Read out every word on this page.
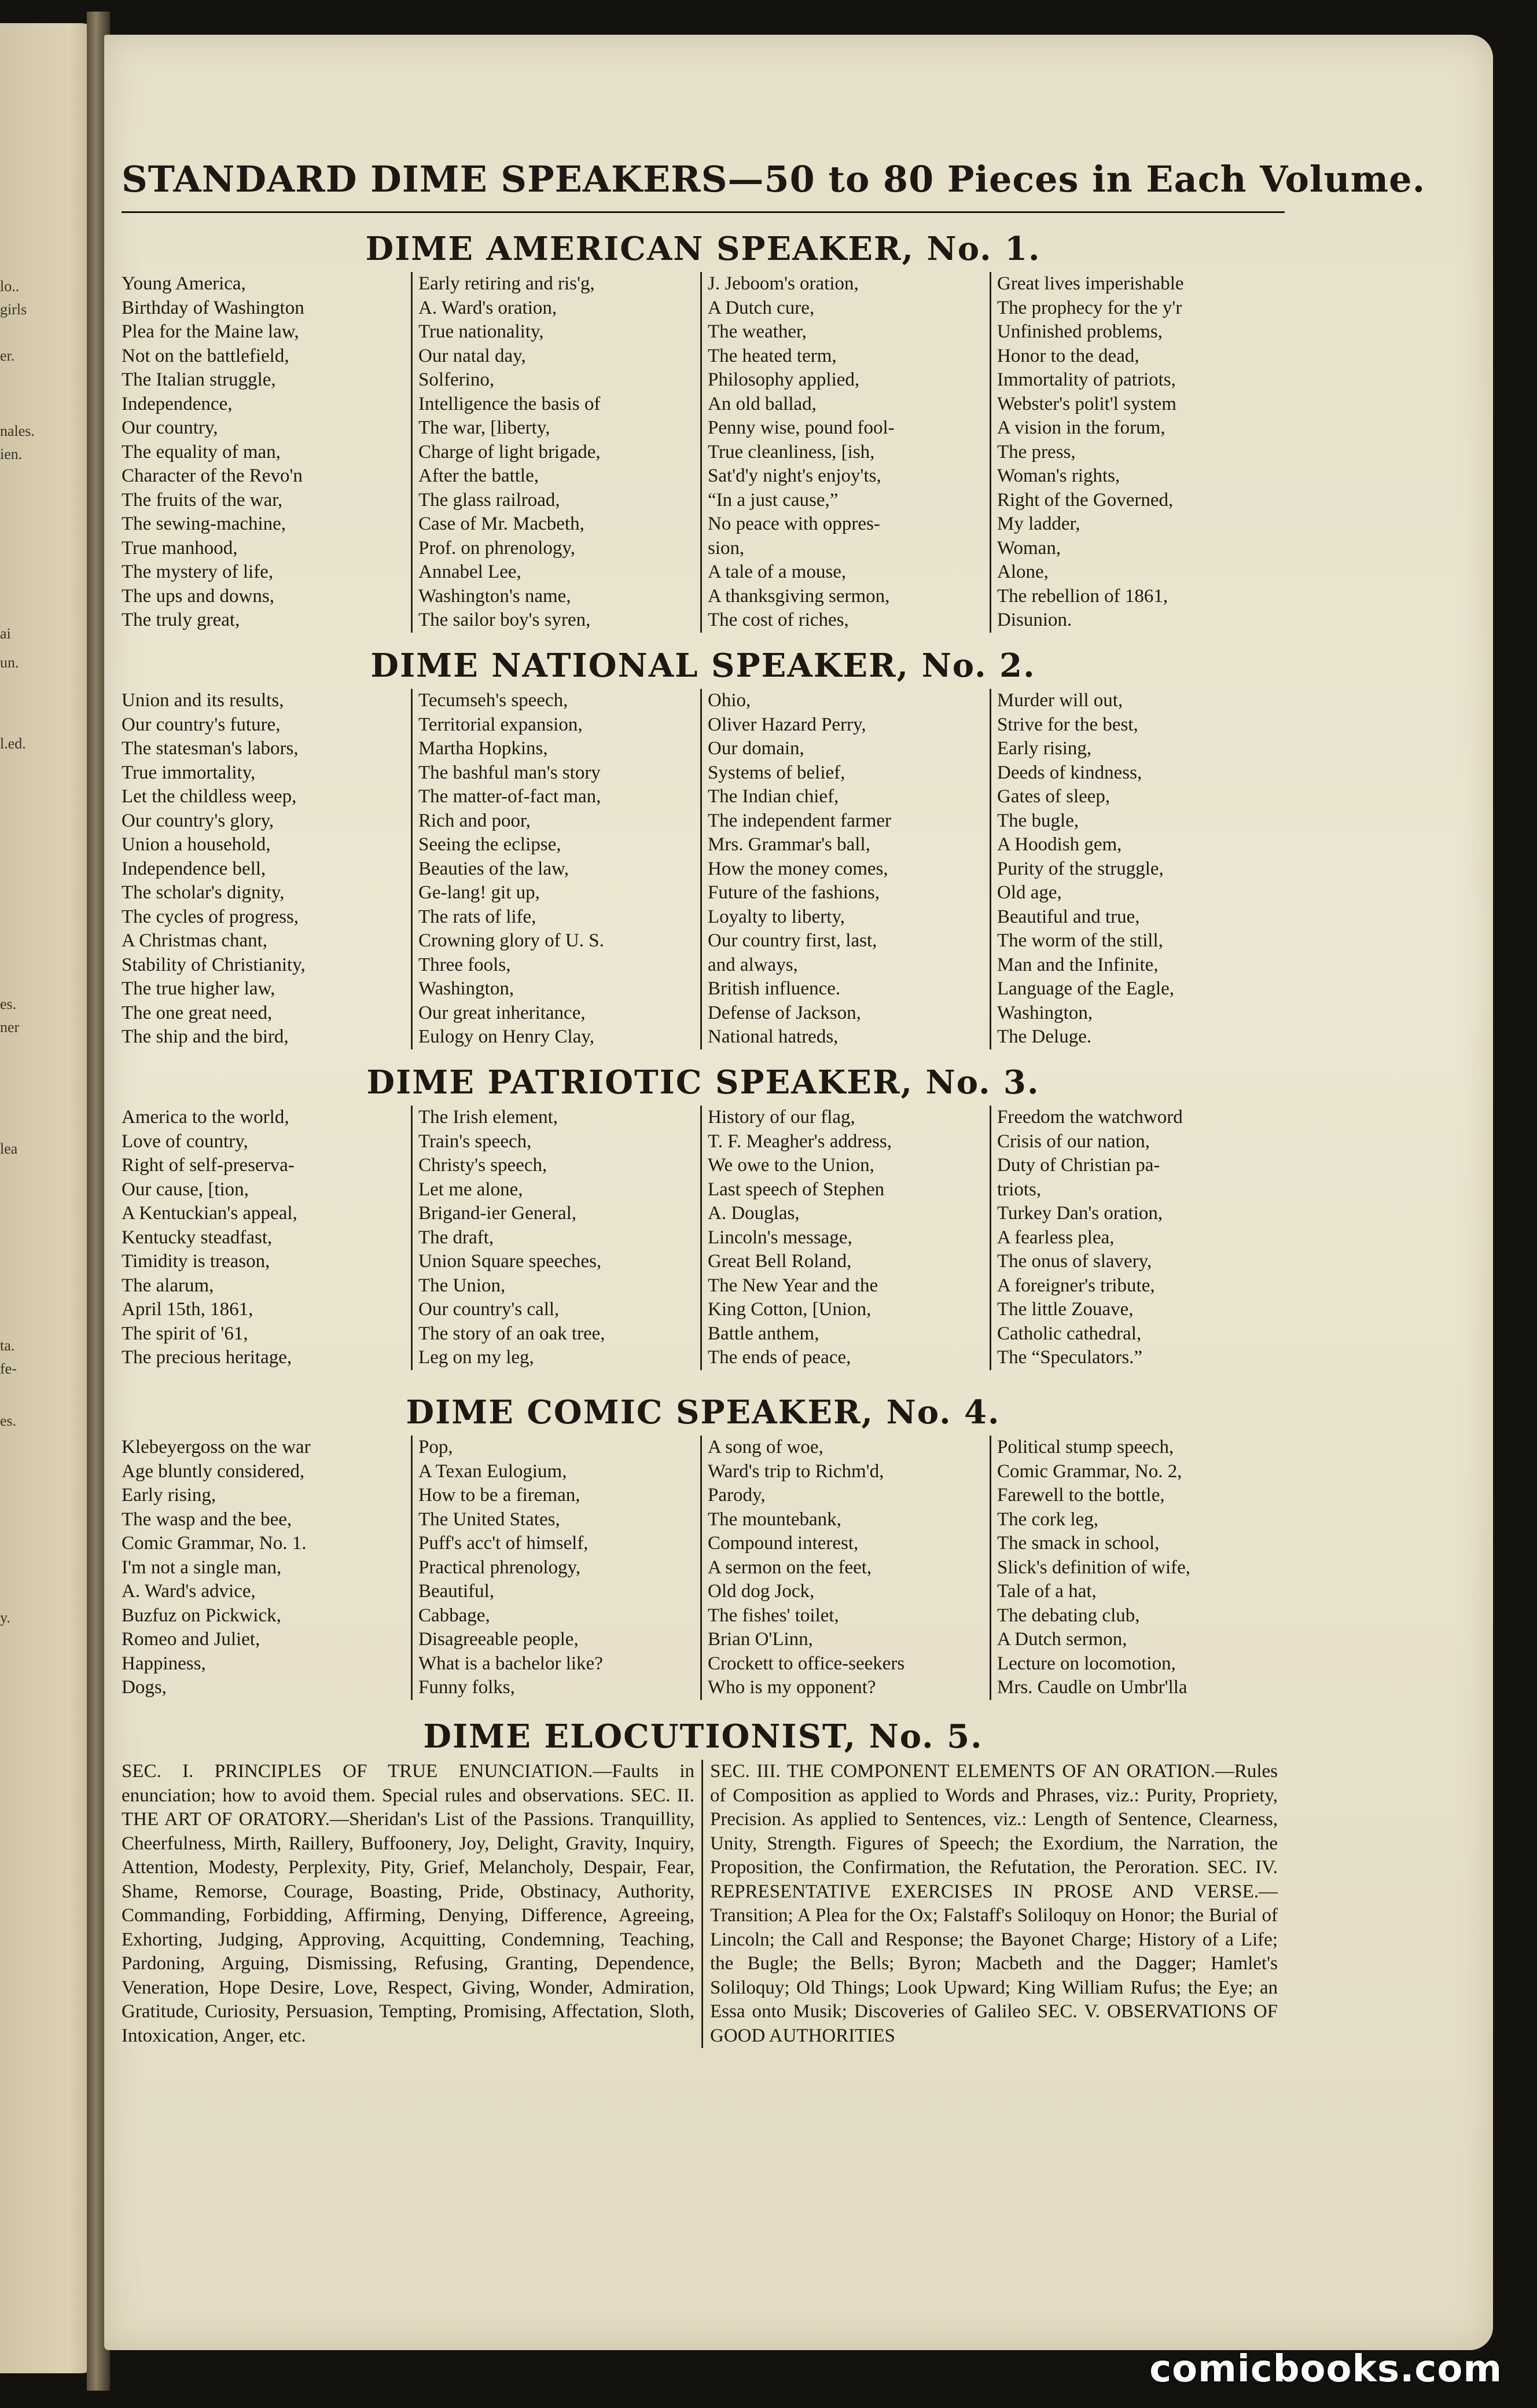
lo..
girls
er.
nales.
ien.
ai
un.
l.ed.
es.
ner
lea
ta.
fe-
es.
y.
STANDARD DIME SPEAKERS—50 to 80 Pieces in Each Volume.
DIME AMERICAN SPEAKER, No. 1.
Young America,
Birthday of Washington
Plea for the Maine law,
Not on the battlefield,
The Italian struggle,
Independence,
Our country,
The equality of man,
Character of the Revo'n
The fruits of the war,
The sewing-machine,
True manhood,
The mystery of life,
The ups and downs,
The truly great,
Early retiring and ris'g,
A. Ward's oration,
True nationality,
Our natal day,
Solferino,
Intelligence the basis of
The war, [liberty,
Charge of light brigade,
After the battle,
The glass railroad,
Case of Mr. Macbeth,
Prof. on phrenology,
Annabel Lee,
Washington's name,
The sailor boy's syren,
J. Jeboom's oration,
A Dutch cure,
The weather,
The heated term,
Philosophy applied,
An old ballad,
Penny wise, pound fool-
True cleanliness, [ish,
Sat'd'y night's enjoy'ts,
“In a just cause,”
No peace with oppres-
sion,
A tale of a mouse,
A thanksgiving sermon,
The cost of riches,
Great lives imperishable
The prophecy for the y'r
Unfinished problems,
Honor to the dead,
Immortality of patriots,
Webster's polit'l system
A vision in the forum,
The press,
Woman's rights,
Right of the Governed,
My ladder,
Woman,
Alone,
The rebellion of 1861,
Disunion.
DIME NATIONAL SPEAKER, No. 2.
Union and its results,
Our country's future,
The statesman's labors,
True immortality,
Let the childless weep,
Our country's glory,
Union a household,
Independence bell,
The scholar's dignity,
The cycles of progress,
A Christmas chant,
Stability of Christianity,
The true higher law,
The one great need,
The ship and the bird,
Tecumseh's speech,
Territorial expansion,
Martha Hopkins,
The bashful man's story
The matter-of-fact man,
Rich and poor,
Seeing the eclipse,
Beauties of the law,
Ge-lang! git up,
The rats of life,
Crowning glory of U. S.
Three fools,
Washington,
Our great inheritance,
Eulogy on Henry Clay,
Ohio,
Oliver Hazard Perry,
Our domain,
Systems of belief,
The Indian chief,
The independent farmer
Mrs. Grammar's ball,
How the money comes,
Future of the fashions,
Loyalty to liberty,
Our country first, last,
and always,
British influence.
Defense of Jackson,
National hatreds,
Murder will out,
Strive for the best,
Early rising,
Deeds of kindness,
Gates of sleep,
The bugle,
A Hoodish gem,
Purity of the struggle,
Old age,
Beautiful and true,
The worm of the still,
Man and the Infinite,
Language of the Eagle,
Washington,
The Deluge.
DIME PATRIOTIC SPEAKER, No. 3.
America to the world,
Love of country,
Right of self-preserva-
Our cause, [tion,
A Kentuckian's appeal,
Kentucky steadfast,
Timidity is treason,
The alarum,
April 15th, 1861,
The spirit of '61,
The precious heritage,
The Irish element,
Train's speech,
Christy's speech,
Let me alone,
Brigand-ier General,
The draft,
Union Square speeches,
The Union,
Our country's call,
The story of an oak tree,
Leg on my leg,
History of our flag,
T. F. Meagher's address,
We owe to the Union,
Last speech of Stephen
A. Douglas,
Lincoln's message,
Great Bell Roland,
The New Year and the
King Cotton, [Union,
Battle anthem,
The ends of peace,
Freedom the watchword
Crisis of our nation,
Duty of Christian pa-
triots,
Turkey Dan's oration,
A fearless plea,
The onus of slavery,
A foreigner's tribute,
The little Zouave,
Catholic cathedral,
The “Speculators.”
DIME COMIC SPEAKER, No. 4.
Klebeyergoss on the war
Age bluntly considered,
Early rising,
The wasp and the bee,
Comic Grammar, No. 1.
I'm not a single man,
A. Ward's advice,
Buzfuz on Pickwick,
Romeo and Juliet,
Happiness,
Dogs,
Pop,
A Texan Eulogium,
How to be a fireman,
The United States,
Puff's acc't of himself,
Practical phrenology,
Beautiful,
Cabbage,
Disagreeable people,
What is a bachelor like?
Funny folks,
A song of woe,
Ward's trip to Richm'd,
Parody,
The mountebank,
Compound interest,
A sermon on the feet,
Old dog Jock,
The fishes' toilet,
Brian O'Linn,
Crockett to office-seekers
Who is my opponent?
Political stump speech,
Comic Grammar, No. 2,
Farewell to the bottle,
The cork leg,
The smack in school,
Slick's definition of wife,
Tale of a hat,
The debating club,
A Dutch sermon,
Lecture on locomotion,
Mrs. Caudle on Umbr'lla
DIME ELOCUTIONIST, No. 5.
SEC. I. PRINCIPLES OF TRUE ENUNCIATION.—Faults in enunciation; how to avoid them. Special rules and observations. SEC. II. THE ART OF ORATORY.—Sheridan's List of the Passions. Tranquillity, Cheerfulness, Mirth, Raillery, Buffoonery, Joy, Delight, Gravity, Inquiry, Attention, Modesty, Perplexity, Pity, Grief, Melancholy, Despair, Fear, Shame, Remorse, Courage, Boasting, Pride, Obstinacy, Authority, Commanding, Forbidding, Affirming, Denying, Difference, Agreeing, Exhorting, Judging, Approving, Acquitting, Condemning, Teaching, Pardoning, Arguing, Dismissing, Refusing, Granting, Dependence, Veneration, Hope Desire, Love, Respect, Giving, Wonder, Admiration, Gratitude, Curiosity, Persuasion, Tempting, Promising, Affectation, Sloth, Intoxication, Anger, etc.
SEC. III. THE COMPONENT ELEMENTS OF AN ORATION.—Rules of Composition as applied to Words and Phrases, viz.: Purity, Propriety, Precision. As applied to Sentences, viz.: Length of Sentence, Clearness, Unity, Strength. Figures of Speech; the Exordium, the Narration, the Proposition, the Confirmation, the Refutation, the Peroration. SEC. IV. REPRESENTATIVE EXERCISES IN PROSE AND VERSE.—Transition; A Plea for the Ox; Falstaff's Soliloquy on Honor; the Burial of Lincoln; the Call and Response; the Bayonet Charge; History of a Life; the Bugle; the Bells; Byron; Macbeth and the Dagger; Hamlet's Soliloquy; Old Things; Look Upward; King William Rufus; the Eye; an Essa onto Musik; Discoveries of Galileo SEC. V. OBSERVATIONS OF GOOD AUTHORITIES
comicbooks.com
